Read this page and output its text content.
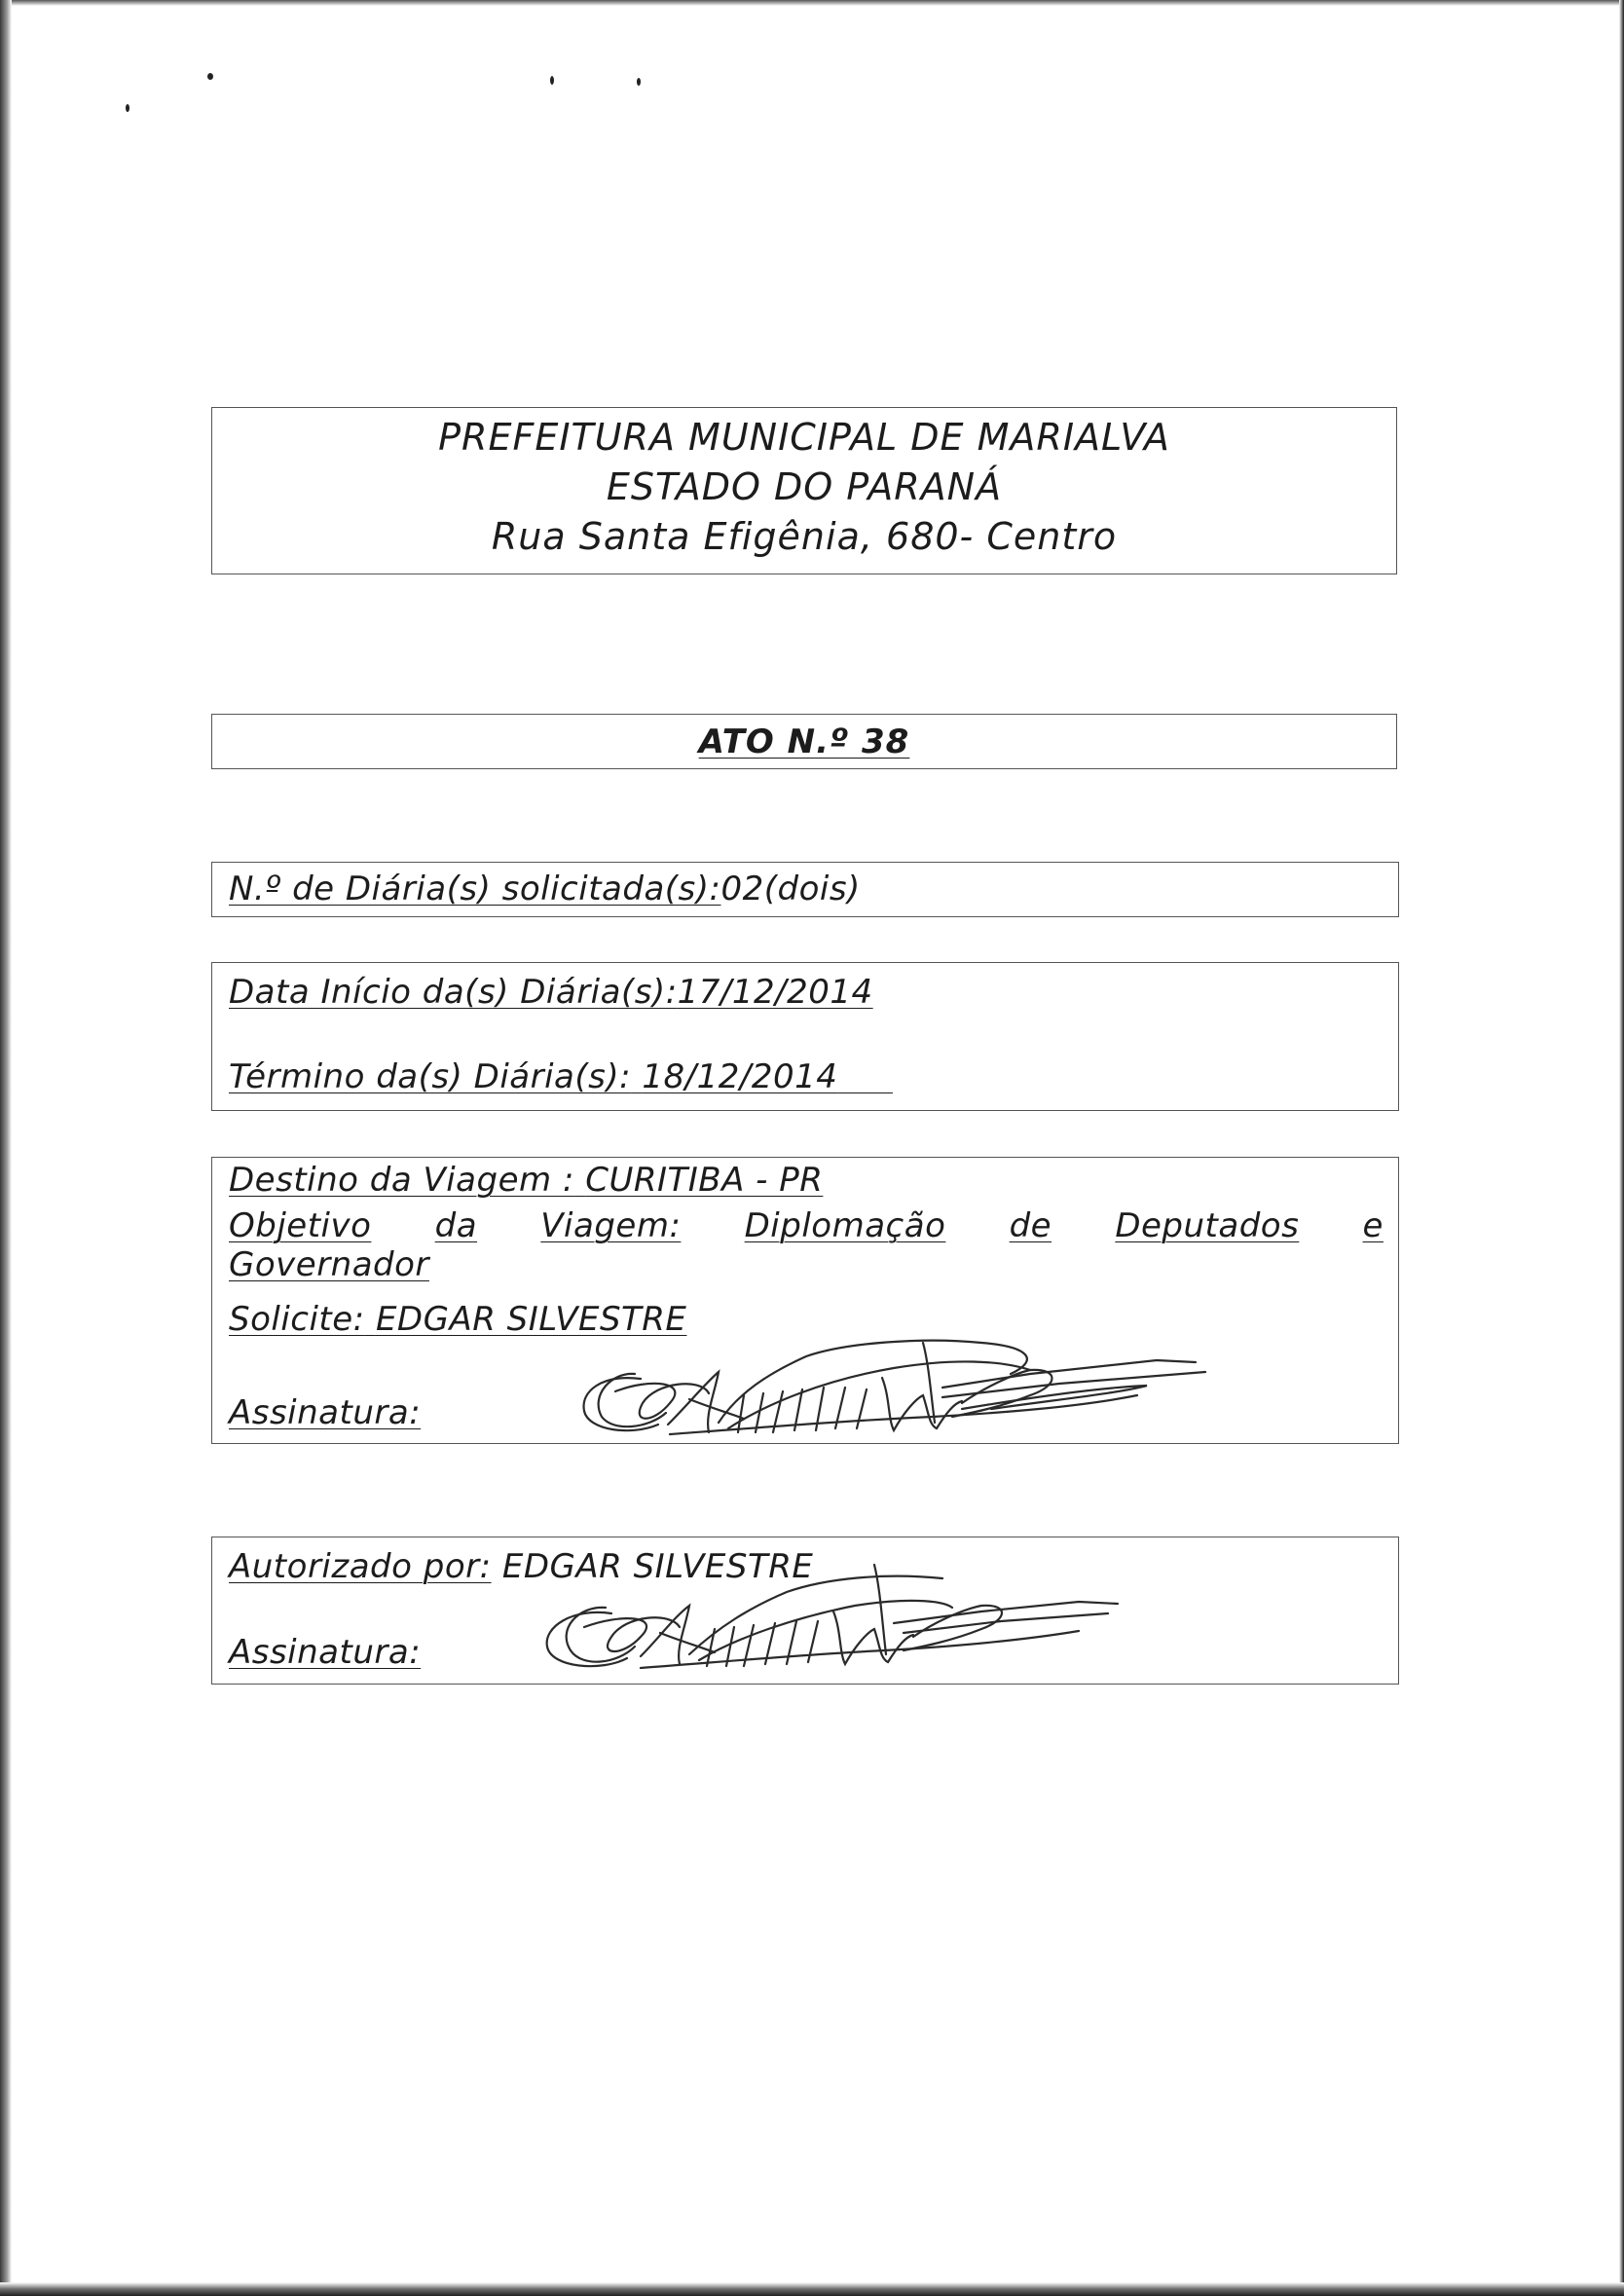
PREFEITURA MUNICIPAL DE MARIALVA
ESTADO DO PARANÁ
Rua Santa Efigênia, 680- Centro
ATO N.º 38
N.º de Diária(s) solicitada(s):02(dois)
Data Início da(s) Diária(s):17/12/2014
Término da(s) Diária(s): 18/12/2014
Destino da Viagem : CURITIBA - PR
Objetivo da Viagem: Diplomação de Deputados e
Governador
Solicite: EDGAR SILVESTRE
Assinatura:
Autorizado por: EDGAR SILVESTRE
Assinatura:
